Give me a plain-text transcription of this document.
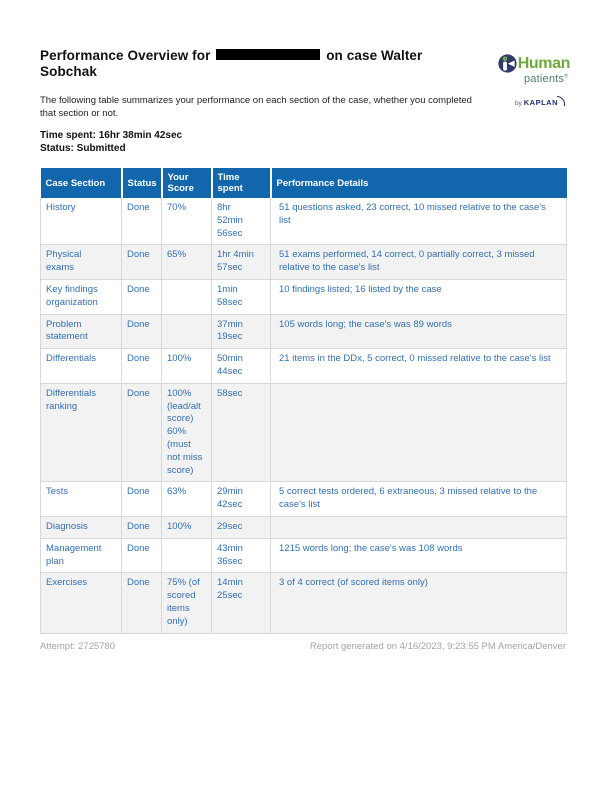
Performance Overview for	on case Walter Sobchak	Human
patients®
by KAPLAN
The following table summarizes your performance on each section of the case, whether you completed that section or not.
Time spent: 16hr 38min 42sec
Status: Submitted
Case Section	Status	Your Score	Time spent	Performance Details
History	Done	70%	8hr 52min 56sec	51 questions asked, 23 correct, 10 missed relative to the case's list
Physical exams	Done	65%	1hr 4min 57sec	51 exams performed, 14 correct, 0 partially correct, 3 missed relative to the case's list
Key findings organization	Done		1min 58sec	10 findings listed; 16 listed by the case
Problem statement	Done		37min 19sec	105 words long; the case's was 89 words
Differentials	Done	100%	50min 44sec	21 items in the DDx, 5 correct, 0 missed relative to the case's list
Differentials ranking	Done	100% (lead/alt score) 60% (must not miss score)	58sec	
Tests	Done	63%	29min 42sec	5 correct tests ordered, 6 extraneous, 3 missed relative to the case's list
Diagnosis	Done	100%	29sec	
Management plan	Done		43min 36sec	1215 words long; the case's was 108 words
Exercises	Done	75% (of scored items only)	14min 25sec	3 of 4 correct (of scored items only)
Attempt: 2725780	Report generated on 4/16/2023, 9:23:55 PM America/Denver
